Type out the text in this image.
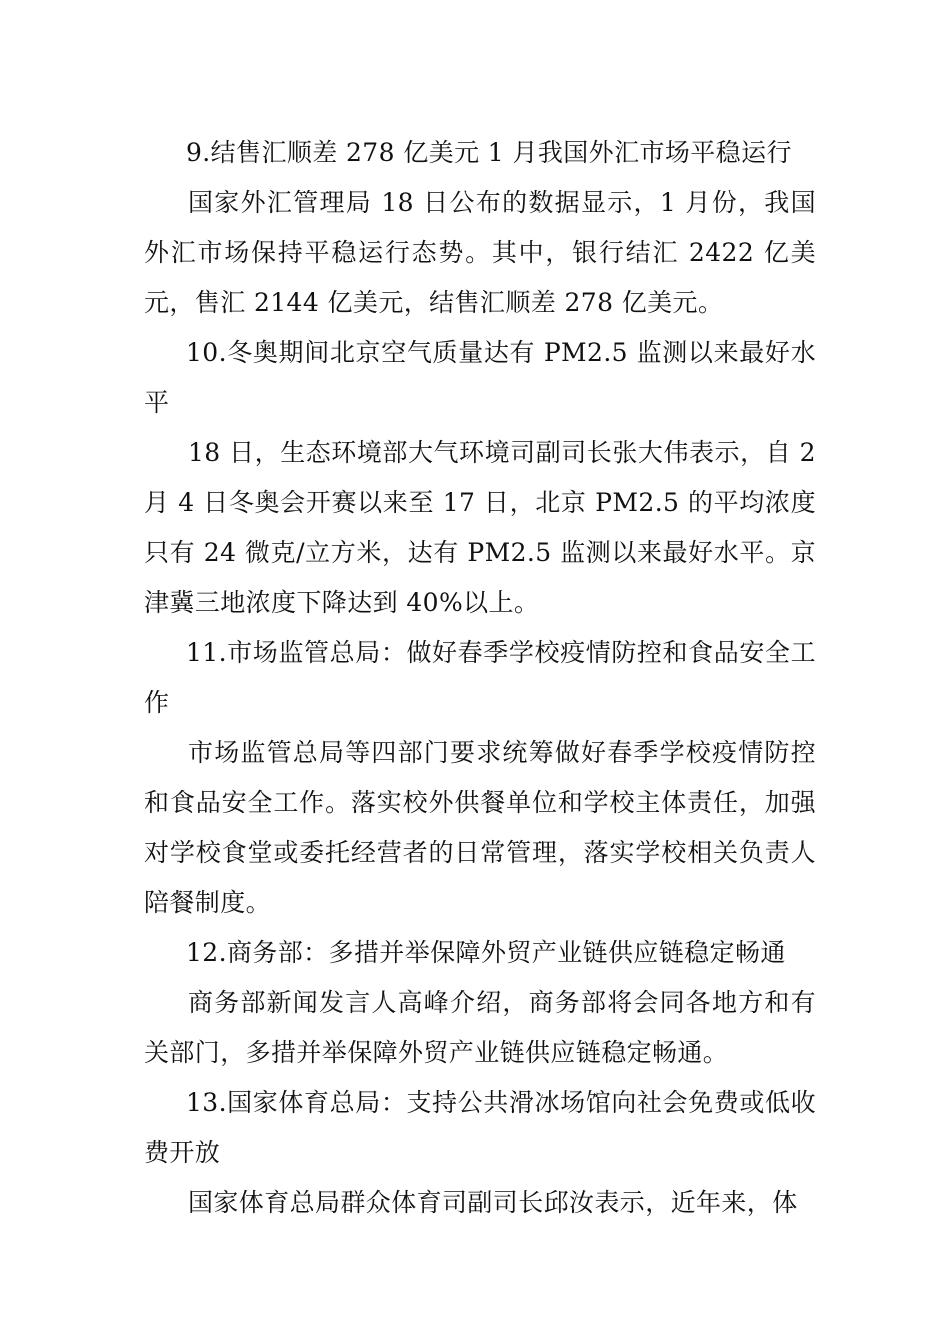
9.结售汇顺差 278 亿美元 1 月我国外汇市场平稳运行

国家外汇管理局 18 日公布的数据显示，1 月份，我国外汇市场保持平稳运行态势。其中，银行结汇 2422 亿美元，售汇 2144 亿美元，结售汇顺差 278 亿美元。

10.冬奥期间北京空气质量达有 PM2.5 监测以来最好水平

18 日，生态环境部大气环境司副司长张大伟表示，自 2 月 4 日冬奥会开赛以来至 17 日，北京 PM2.5 的平均浓度只有 24 微克/立方米，达有 PM2.5 监测以来最好水平。京津冀三地浓度下降达到 40%以上。

11.市场监管总局：做好春季学校疫情防控和食品安全工作

市场监管总局等四部门要求统筹做好春季学校疫情防控和食品安全工作。落实校外供餐单位和学校主体责任，加强对学校食堂或委托经营者的日常管理，落实学校相关负责人陪餐制度。

12.商务部：多措并举保障外贸产业链供应链稳定畅通

商务部新闻发言人高峰介绍，商务部将会同各地方和有关部门，多措并举保障外贸产业链供应链稳定畅通。

13.国家体育总局：支持公共滑冰场馆向社会免费或低收费开放

国家体育总局群众体育司副司长邱汝表示，近年来，体
